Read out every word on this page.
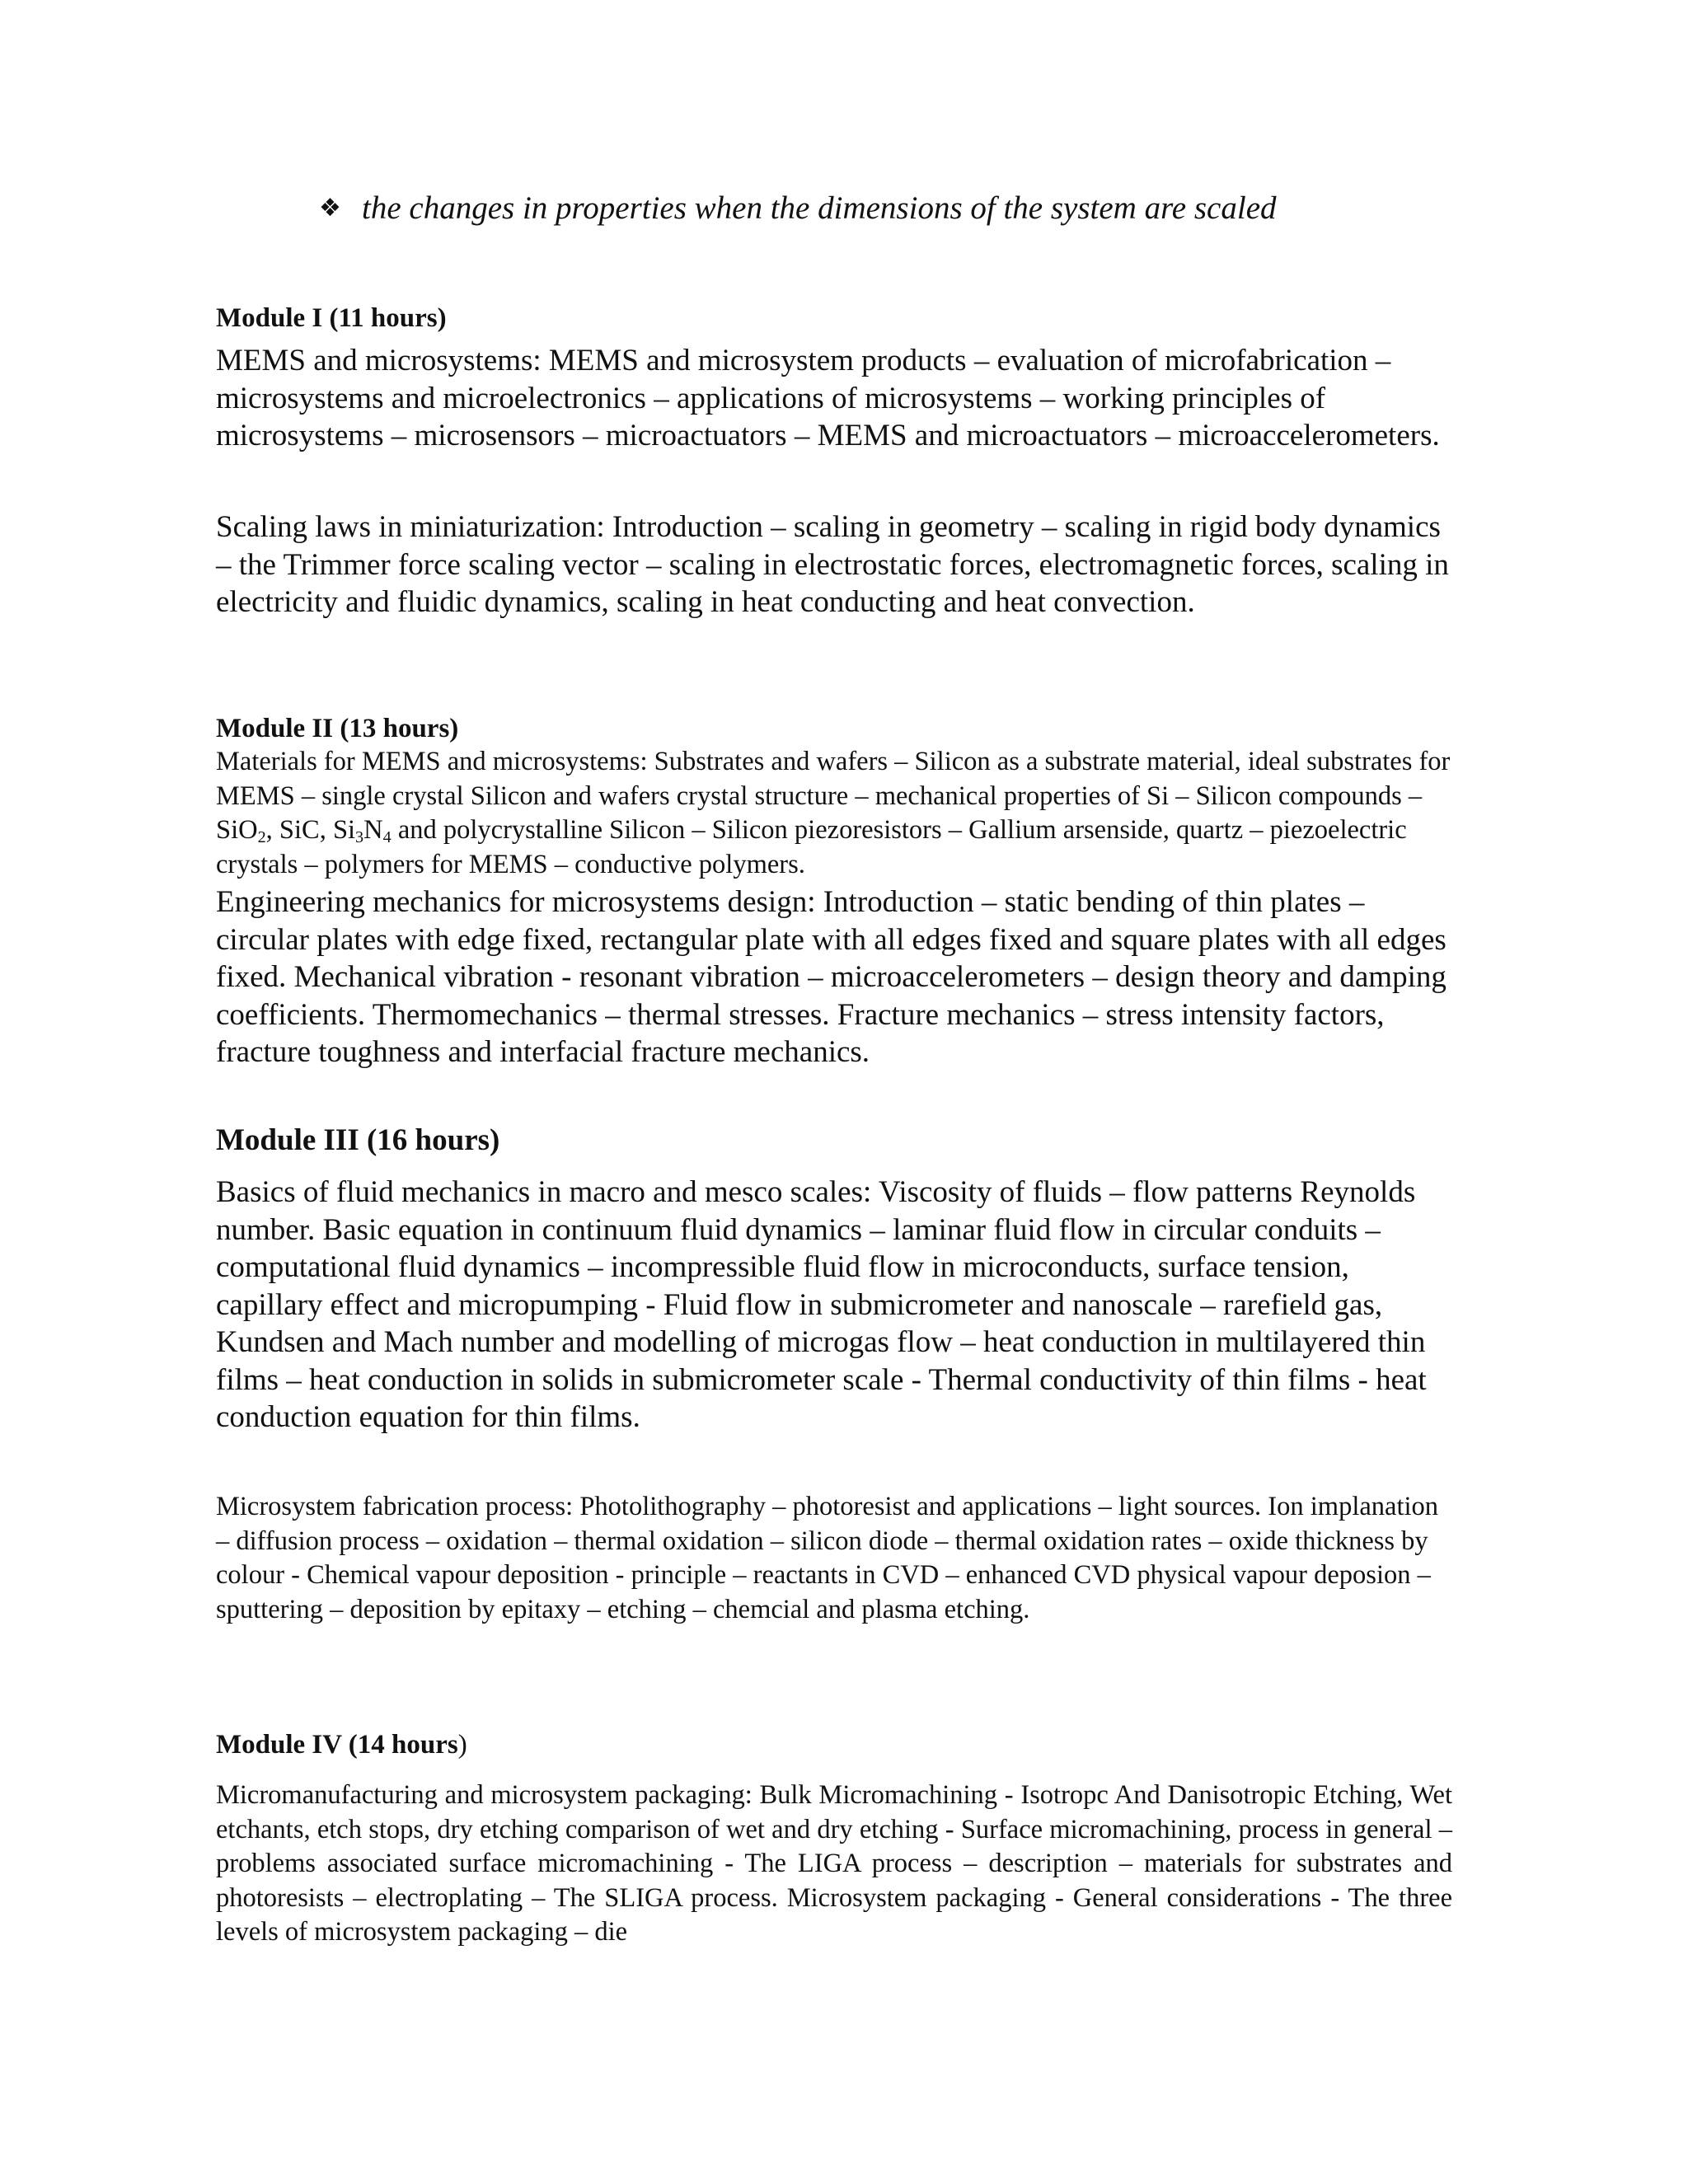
❖ the changes in properties when the dimensions of the system are scaled

Module I (11 hours)

MEMS and microsystems: MEMS and microsystem products – evaluation of microfabrication – microsystems and microelectronics – applications of microsystems – working principles of microsystems – microsensors – microactuators – MEMS and microactuators – microaccelerometers.

Scaling laws in miniaturization: Introduction – scaling in geometry – scaling in rigid body dynamics – the Trimmer force scaling vector – scaling in electrostatic forces, electromagnetic forces, scaling in electricity and fluidic dynamics, scaling in heat conducting and heat convection.

Module II (13 hours)

Materials for MEMS and microsystems: Substrates and wafers – Silicon as a substrate material, ideal substrates for MEMS – single crystal Silicon and wafers crystal structure – mechanical properties of Si – Silicon compounds – SiO$_2$, SiC, $Si_3N_4$ and polycrystalline Silicon – Silicon piezoresistors – Gallium arsenside, quartz – piezoelectric crystals – polymers for MEMS – conductive polymers.

Engineering mechanics for microsystems design: Introduction – static bending of thin plates – circular plates with edge fixed, rectangular plate with all edges fixed and square plates with all edges fixed. Mechanical vibration - resonant vibration – microaccelerometers – design theory and damping coefficients. Thermomechanics – thermal stresses. Fracture mechanics – stress intensity factors, fracture toughness and interfacial fracture mechanics.

Module III (16 hours)

Basics of fluid mechanics in macro and mesco scales: Viscosity of fluids – flow patterns Reynolds number. Basic equation in continuum fluid dynamics – laminar fluid flow in circular conduits – computational fluid dynamics – incompressible fluid flow in microconducts, surface tension, capillary effect and micropumping - Fluid flow in submicrometer and nanoscale – rarefield gas, Kundsen and Mach number and modelling of microgas flow – heat conduction in multilayered thin films – heat conduction in solids in submicrometer scale - Thermal conductivity of thin films - heat conduction equation for thin films.

Microsystem fabrication process: Photolithography – photoresist and applications – light sources. Ion implanation – diffusion process – oxidation – thermal oxidation – silicon diode – thermal oxidation rates – oxide thickness by colour - Chemical vapour deposition - principle – reactants in CVD – enhanced CVD physical vapour deposion – sputtering – deposition by epitaxy – etching – chemcial and plasma etching.

Module IV (14 hours)

Micromanufacturing and microsystem packaging: Bulk Micromachining - Isotropc And Danisotropic Etching, Wet etchants, etch stops, dry etching comparison of wet and dry etching - Surface micromachining, process in general – problems associated surface micromachining - The LIGA process – description – materials for substrates and photoresists – electroplating – The SLIGA process. Microsystem packaging - General considerations - The three levels of microsystem packaging – die
